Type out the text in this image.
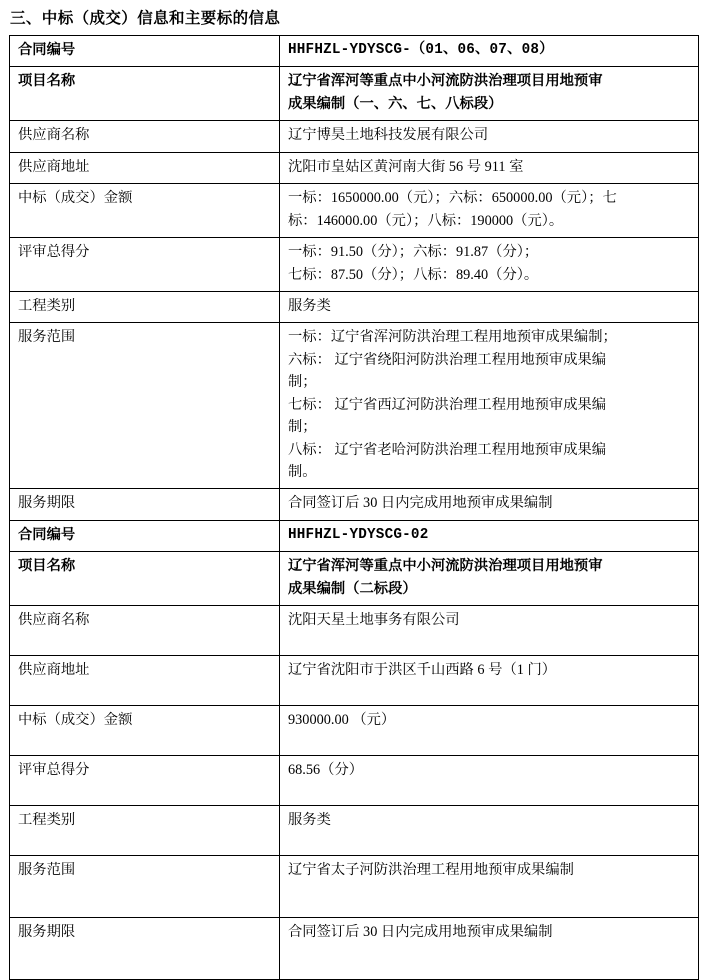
三、中标（成交）信息和主要标的信息
合同编号	HHFHZL-YDYSCG-（01、06、07、08）
项目名称	辽宁省浑河等重点中小河流防洪治理项目用地预审
成果编制（一、六、七、八标段）

供应商名称	辽宁博昊土地科技发展有限公司
供应商地址	沈阳市皇姑区黄河南大街 56 号 911 室
中标（成交）金额	一标：1650000.00（元）；六标：650000.00（元）；七
标：146000.00（元）；八标：190000（元）。

评审总得分	一标：91.50（分）；六标：91.87（分）；
七标：87.50（分）；八标：89.40（分）。

工程类别	服务类
服务范围	一标：辽宁省浑河防洪治理工程用地预审成果编制；
六标： 辽宁省绕阳河防洪治理工程用地预审成果编
制；
七标： 辽宁省西辽河防洪治理工程用地预审成果编
制；
八标： 辽宁省老哈河防洪治理工程用地预审成果编
制。

服务期限	合同签订后 30 日内完成用地预审成果编制
合同编号	HHFHZL-YDYSCG-02
项目名称	辽宁省浑河等重点中小河流防洪治理项目用地预审
成果编制（二标段）

供应商名称	沈阳天星土地事务有限公司
供应商地址	辽宁省沈阳市于洪区千山西路 6 号（1 门）
中标（成交）金额	930000.00 （元）
评审总得分	68.56（分）
工程类别	服务类
服务范围	辽宁省太子河防洪治理工程用地预审成果编制
服务期限	合同签订后 30 日内完成用地预审成果编制
